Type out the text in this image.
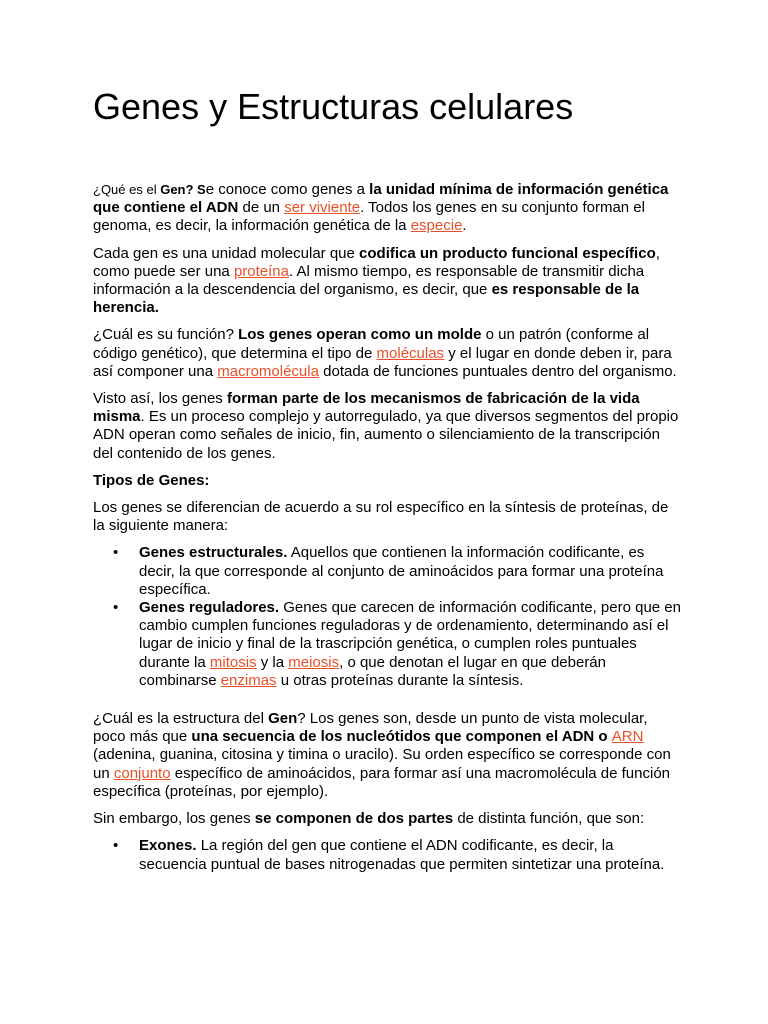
Genes y Estructuras celulares

¿Qué es el Gen? Se conoce como genes a la unidad mínima de información genética que contiene el ADN de un ser viviente. Todos los genes en su conjunto forman el genoma, es decir, la información genética de la especie.

Cada gen es una unidad molecular que codifica un producto funcional específico, como puede ser una proteína. Al mismo tiempo, es responsable de transmitir dicha información a la descendencia del organismo, es decir, que es responsable de la herencia.

¿Cuál es su función? Los genes operan como un molde o un patrón (conforme al código genético), que determina el tipo de moléculas y el lugar en donde deben ir, para así componer una macromolécula dotada de funciones puntuales dentro del organismo.

Visto así, los genes forman parte de los mecanismos de fabricación de la vida misma. Es un proceso complejo y autorregulado, ya que diversos segmentos del propio ADN operan como señales de inicio, fin, aumento o silenciamiento de la transcripción del contenido de los genes.

Tipos de Genes:

Los genes se diferencian de acuerdo a su rol específico en la síntesis de proteínas, de la siguiente manera:

• Genes estructurales. Aquellos que contienen la información codificante, es decir, la que corresponde al conjunto de aminoácidos para formar una proteína específica.
• Genes reguladores. Genes que carecen de información codificante, pero que en cambio cumplen funciones reguladoras y de ordenamiento, determinando así el lugar de inicio y final de la trascripción genética, o cumplen roles puntuales durante la mitosis y la meiosis, o que denotan el lugar en que deberán combinarse enzimas u otras proteínas durante la síntesis.

¿Cuál es la estructura del Gen? Los genes son, desde un punto de vista molecular, poco más que una secuencia de los nucleótidos que componen el ADN o ARN (adenina, guanina, citosina y timina o uracilo). Su orden específico se corresponde con un conjunto específico de aminoácidos, para formar así una macromolécula de función específica (proteínas, por ejemplo).

Sin embargo, los genes se componen de dos partes de distinta función, que son:

• Exones. La región del gen que contiene el ADN codificante, es decir, la secuencia puntual de bases nitrogenadas que permiten sintetizar una proteína.
